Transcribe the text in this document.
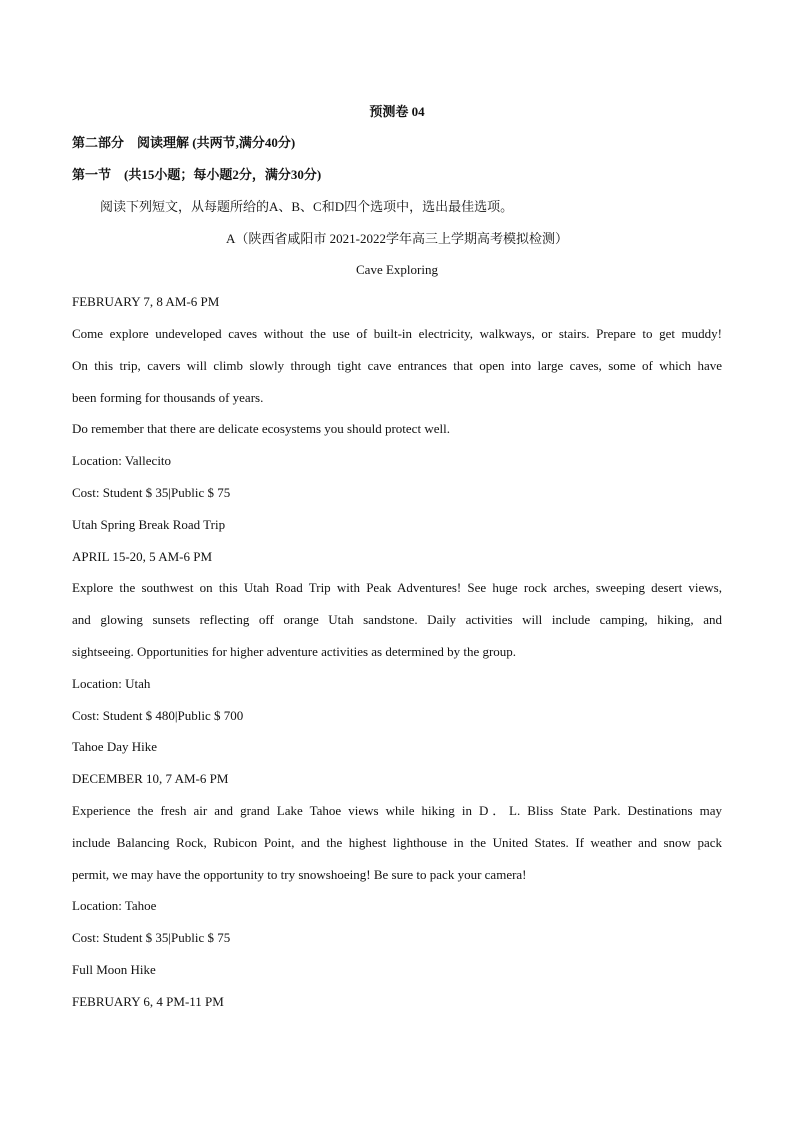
预测卷 04
第二部分　阅读理解 (共两节,满分40分)
第一节　(共15小题；每小题2分，满分30分)
阅读下列短文，从每题所给的A、B、C和D四个选项中，选出最佳选项。
A（陕西省咸阳市 2021-2022学年高三上学期高考模拟检测）
Cave Exploring
FEBRUARY 7, 8 AM-6 PM
Come explore undeveloped caves without the use of built-in electricity, walkways, or stairs. Prepare to get muddy!
On this trip, cavers will climb slowly through tight cave entrances that open into large caves, some of which have
been forming for thousands of years.
Do remember that there are delicate ecosystems you should protect well.
Location: Vallecito
Cost: Student $ 35|Public $ 75
Utah Spring Break Road Trip
APRIL 15-20, 5 AM-6 PM
Explore the southwest on this Utah Road Trip with Peak Adventures! See huge rock arches, sweeping desert views,
and glowing sunsets reflecting off orange Utah sandstone. Daily activities will include camping, hiking, and
sightseeing. Opportunities for higher adventure activities as determined by the group.
Location: Utah
Cost: Student $ 480|Public $ 700
Tahoe Day Hike
DECEMBER 10, 7 AM-6 PM
Experience the fresh air and grand Lake Tahoe views while hiking in D．L. Bliss State Park. Destinations may
include Balancing Rock, Rubicon Point, and the highest lighthouse in the United States. If weather and snow pack
permit, we may have the opportunity to try snowshoeing! Be sure to pack your camera!
Location: Tahoe
Cost: Student $ 35|Public $ 75
Full Moon Hike
FEBRUARY 6, 4 PM-11 PM
